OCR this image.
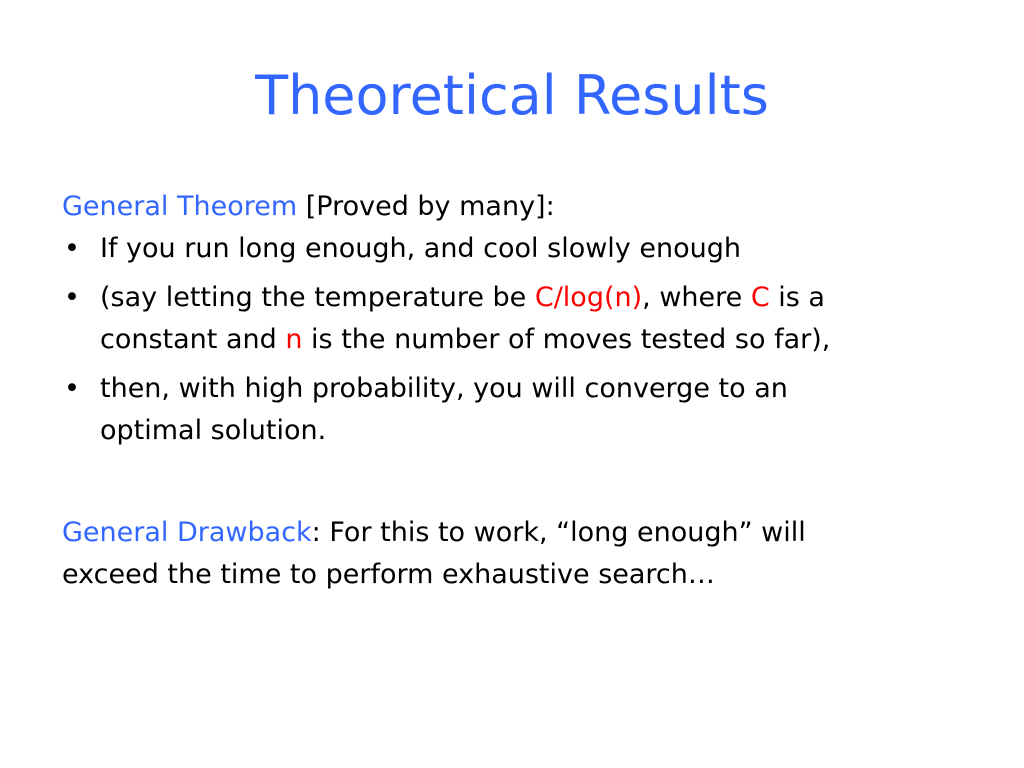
Theoretical Results
General Theorem [Proved by many]:
• If you run long enough, and cool slowly enough
• (say letting the temperature be C/log(n), where C is a
constant and n is the number of moves tested so far),
• then, with high probability, you will converge to an
optimal solution.
General Drawback: For this to work, “long enough” will
exceed the time to perform exhaustive search…
